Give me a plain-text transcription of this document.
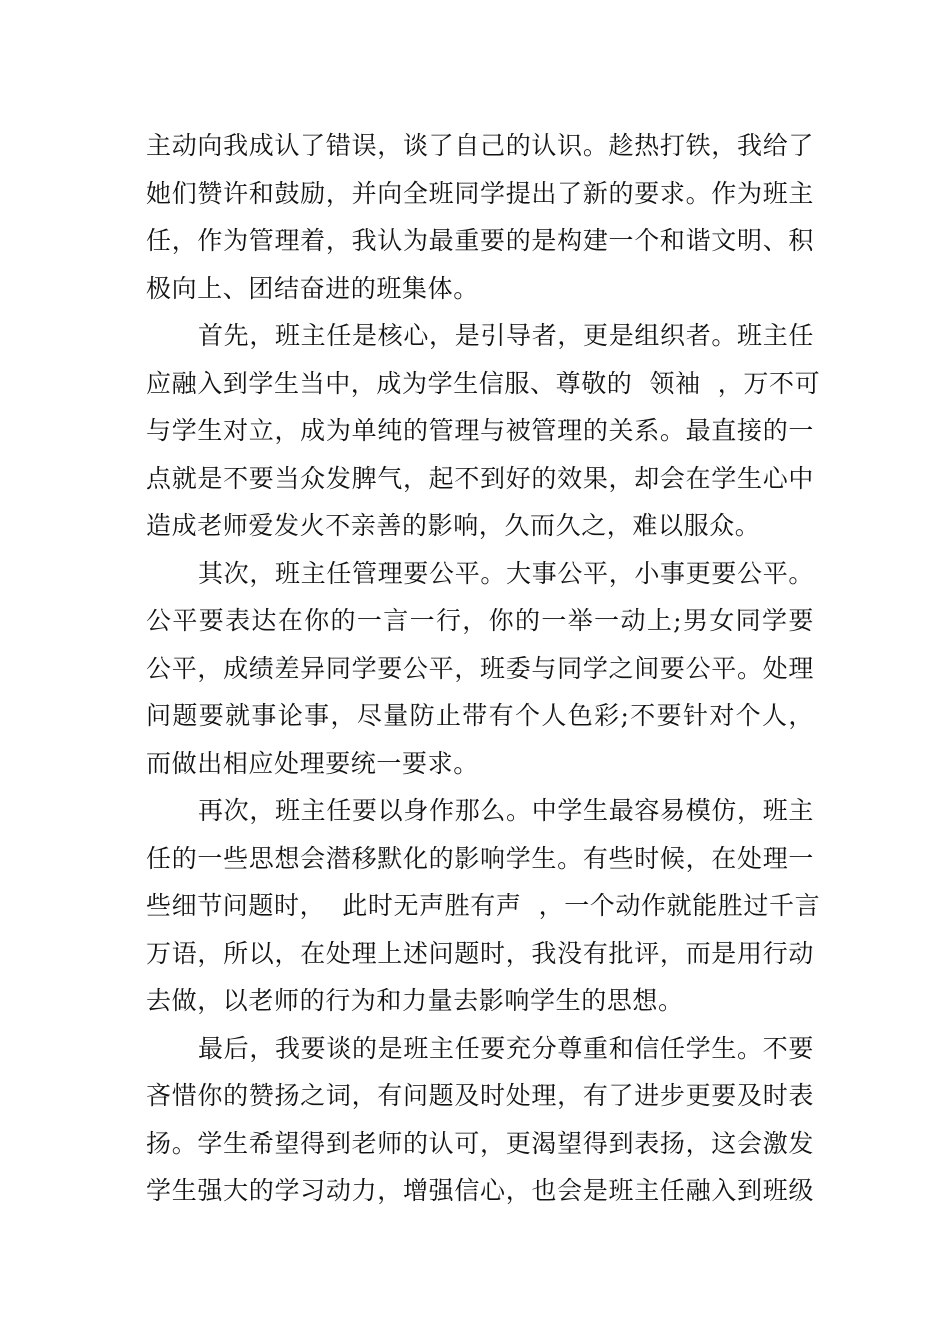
主动向我成认了错误，谈了自己的认识。趁热打铁，我给了
她们赞许和鼓励，并向全班同学提出了新的要求。作为班主
任，作为管理着，我认为最重要的是构建一个和谐文明、积
极向上、团结奋进的班集体。
首先，班主任是核心，是引导者，更是组织者。班主任
应融入到学生当中，成为学生信服、尊敬的  领袖  ，万不可
与学生对立，成为单纯的管理与被管理的关系。最直接的一
点就是不要当众发脾气，起不到好的效果，却会在学生心中
造成老师爱发火不亲善的影响，久而久之，难以服众。
其次，班主任管理要公平。大事公平，小事更要公平。
公平要表达在你的一言一行，你的一举一动上;男女同学要
公平，成绩差异同学要公平，班委与同学之间要公平。处理
问题要就事论事，尽量防止带有个人色彩;不要针对个人，
而做出相应处理要统一要求。
再次，班主任要以身作那么。中学生最容易模仿，班主
任的一些思想会潜移默化的影响学生。有些时候，在处理一
些细节问题时，  此时无声胜有声  ，一个动作就能胜过千言
万语，所以，在处理上述问题时，我没有批评，而是用行动
去做，以老师的行为和力量去影响学生的思想。
最后，我要谈的是班主任要充分尊重和信任学生。不要
吝惜你的赞扬之词，有问题及时处理，有了进步更要及时表
扬。学生希望得到老师的认可，更渴望得到表扬，这会激发
学生强大的学习动力，增强信心，也会是班主任融入到班级
